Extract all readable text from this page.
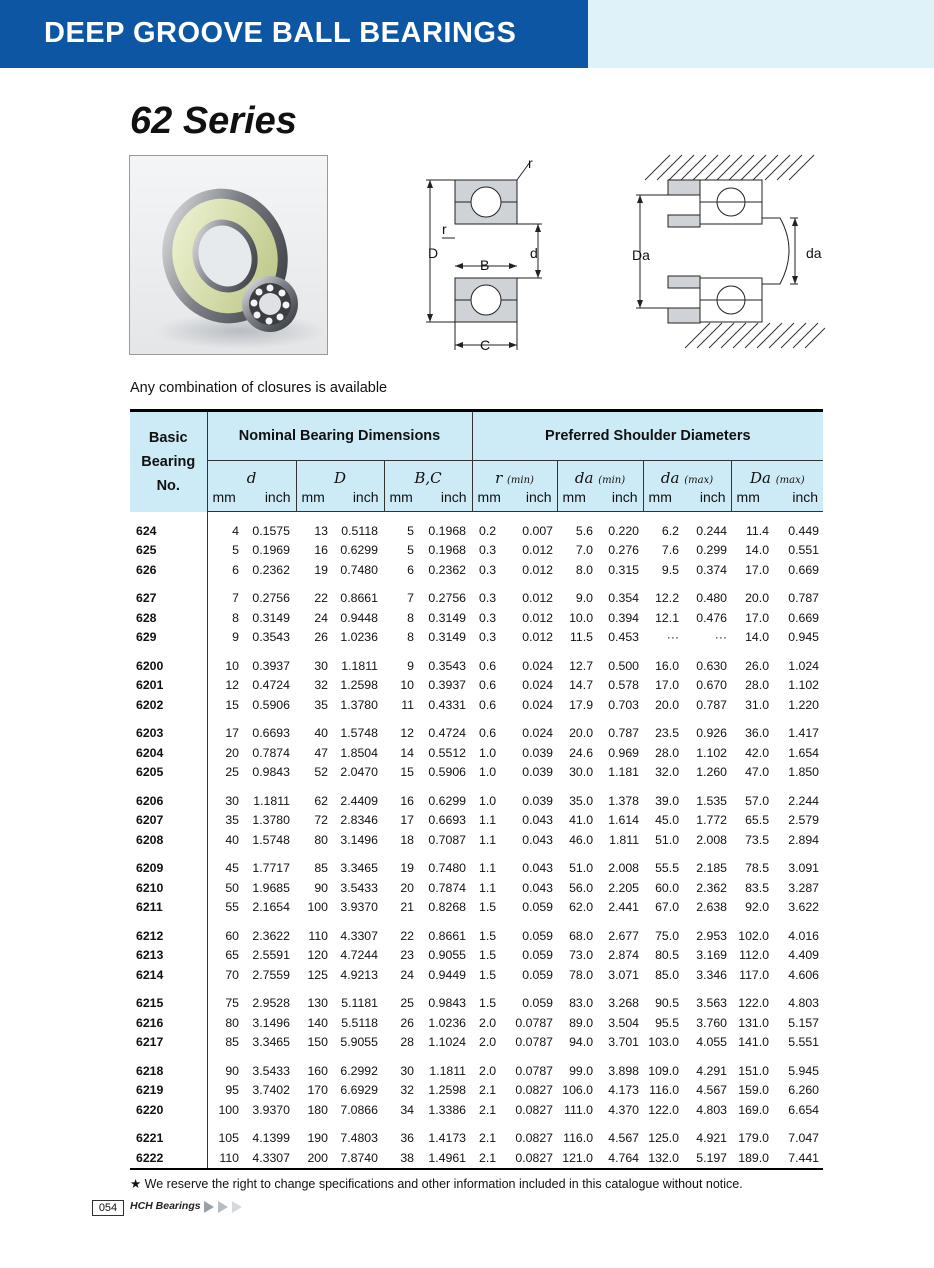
DEEP GROOVE BALL BEARINGS
62 Series
r
r
D
B
d
C
Da	da
Any combination of closures is available
Basic
Bearing
No.	Nominal Bearing Dimensions						Preferred Shoulder Diameters							
	d		D		B,C		r (min)		da (min)		da (max)		Da (max)	

	mm inch		mm inch		mm inch		mm inch		mm inch		mm inch		mm inch	

624	4	0.1575	13	0.5118	5	0.1968	0.2	0.007	5.6	0.220	6.2	0.244	11.4	0.449
625	5	0.1969	16	0.6299	5	0.1968	0.3	0.012	7.0	0.276	7.6	0.299	14.0	0.551
626	6	0.2362	19	0.7480	6	0.2362	0.3	0.012	8.0	0.315	9.5	0.374	17.0	0.669

627	7	0.2756	22	0.8661	7	0.2756	0.3	0.012	9.0	0.354	12.2	0.480	20.0	0.787
628	8	0.3149	24	0.9448	8	0.3149	0.3	0.012	10.0	0.394	12.1	0.476	17.0	0.669
629	9	0.3543	26	1.0236	8	0.3149	0.3	0.012	11.5	0.453	···	···	14.0	0.945

6200	10	0.3937	30	1.1811	9	0.3543	0.6	0.024	12.7	0.500	16.0	0.630	26.0	1.024
6201	12	0.4724	32	1.2598	10	0.3937	0.6	0.024	14.7	0.578	17.0	0.670	28.0	1.102
6202	15	0.5906	35	1.3780	11	0.4331	0.6	0.024	17.9	0.703	20.0	0.787	31.0	1.220

6203	17	0.6693	40	1.5748	12	0.4724	0.6	0.024	20.0	0.787	23.5	0.926	36.0	1.417
6204	20	0.7874	47	1.8504	14	0.5512	1.0	0.039	24.6	0.969	28.0	1.102	42.0	1.654
6205	25	0.9843	52	2.0470	15	0.5906	1.0	0.039	30.0	1.181	32.0	1.260	47.0	1.850

6206	30	1.1811	62	2.4409	16	0.6299	1.0	0.039	35.0	1.378	39.0	1.535	57.0	2.244
6207	35	1.3780	72	2.8346	17	0.6693	1.1	0.043	41.0	1.614	45.0	1.772	65.5	2.579
6208	40	1.5748	80	3.1496	18	0.7087	1.1	0.043	46.0	1.811	51.0	2.008	73.5	2.894

6209	45	1.7717	85	3.3465	19	0.7480	1.1	0.043	51.0	2.008	55.5	2.185	78.5	3.091
6210	50	1.9685	90	3.5433	20	0.7874	1.1	0.043	56.0	2.205	60.0	2.362	83.5	3.287
6211	55	2.1654	100	3.9370	21	0.8268	1.5	0.059	62.0	2.441	67.0	2.638	92.0	3.622

6212	60	2.3622	110	4.3307	22	0.8661	1.5	0.059	68.0	2.677	75.0	2.953	102.0	4.016
6213	65	2.5591	120	4.7244	23	0.9055	1.5	0.059	73.0	2.874	80.5	3.169	112.0	4.409
6214	70	2.7559	125	4.9213	24	0.9449	1.5	0.059	78.0	3.071	85.0	3.346	117.0	4.606

6215	75	2.9528	130	5.1181	25	0.9843	1.5	0.059	83.0	3.268	90.5	3.563	122.0	4.803
6216	80	3.1496	140	5.5118	26	1.0236	2.0	0.0787	89.0	3.504	95.5	3.760	131.0	5.157
6217	85	3.3465	150	5.9055	28	1.1024	2.0	0.0787	94.0	3.701	103.0	4.055	141.0	5.551

6218	90	3.5433	160	6.2992	30	1.1811	2.0	0.0787	99.0	3.898	109.0	4.291	151.0	5.945
6219	95	3.7402	170	6.6929	32	1.2598	2.1	0.0827	106.0	4.173	116.0	4.567	159.0	6.260
6220	100	3.9370	180	7.0866	34	1.3386	2.1	0.0827	111.0	4.370	122.0	4.803	169.0	6.654

6221	105	4.1399	190	7.4803	36	1.4173	2.1	0.0827	116.0	4.567	125.0	4.921	179.0	7.047
6222	110	4.3307	200	7.8740	38	1.4961	2.1	0.0827	121.0	4.764	132.0	5.197	189.0	7.441
★ We reserve the right to change specifications and other information included in this catalogue without notice.
054	HCH Bearings
